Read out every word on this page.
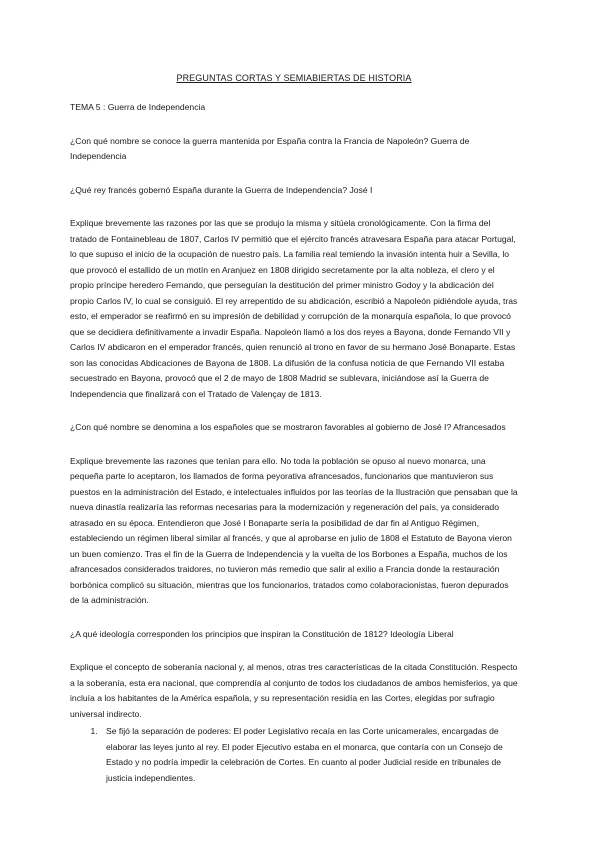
PREGUNTAS CORTAS Y SEMIABIERTAS DE HISTORIA

TEMA 5 : Guerra de Independencia

¿Con qué nombre se conoce la guerra mantenida por España contra la Francia de Napoleón? Guerra de Independencia

¿Qué rey francés gobernó España durante la Guerra de Independencia? José I

Explique brevemente las razones por las que se produjo la misma y sitúela cronológicamente. Con la firma del tratado de Fontainebleau de 1807, Carlos IV permitió que el ejército francés atravesara España para atacar Portugal, lo que supuso el inicio de la ocupación de nuestro país. La familia real temiendo la invasión intenta huir a Sevilla, lo que provocó el estallido de un motín en Aranjuez en 1808 dirigido secretamente por la alta nobleza, el clero y el propio príncipe heredero Fernando, que perseguían la destitución del primer ministro Godoy y la abdicación del propio Carlos IV, lo cual se consiguió. El rey arrepentido de su abdicación, escribió a Napoleón pidiéndole ayuda, tras esto, el emperador se reafirmó en su impresión de debilidad y corrupción de la monarquía española, lo que provocó que se decidiera definitivamente a invadir España. Napoleón llamó a los dos reyes a Bayona, donde Fernando VII y Carlos IV abdicaron en el emperador francés, quien renunció al trono en favor de su hermano José Bonaparte. Estas son las conocidas Abdicaciones de Bayona de 1808. La difusión de la confusa noticia de que Fernando VII estaba secuestrado en Bayona, provocó que el 2 de mayo de 1808 Madrid se sublevara, iniciándose así la Guerra de Independencia que finalizará con el Tratado de Valençay de 1813.

¿Con qué nombre se denomina a los españoles que se mostraron favorables al gobierno de José I? Afrancesados

Explique brevemente las razones que tenían para ello. No toda la población se opuso al nuevo monarca, una pequeña parte lo aceptaron, los llamados de forma peyorativa afrancesados, funcionarios que mantuvieron sus puestos en la administración del Estado, e intelectuales influidos por las teorías de la Ilustración que pensaban que la nueva dinastía realizaría las reformas necesarias para la modernización y regeneración del país, ya considerado atrasado en su época. Entendieron que José I Bonaparte sería la posibilidad de dar fin al Antiguo Régimen, estableciendo un régimen liberal similar al francés, y que al aprobarse en julio de 1808 el Estatuto de Bayona vieron un buen comienzo. Tras el fin de la Guerra de Independencia y la vuelta de los Borbones a España, muchos de los afrancesados considerados traidores, no tuvieron más remedio que salir al exilio a Francia donde la restauración borbónica complicó su situación, mientras que los funcionarios, tratados como colaboracionistas, fueron depurados de la administración.

¿A qué ideología corresponden los principios que inspiran la Constitución de 1812? Ideología Liberal

Explique el concepto de soberanía nacional y, al menos, otras tres características de la citada Constitución. Respecto a la soberanía, esta era nacional, que comprendía al conjunto de todos los ciudadanos de ambos hemisferios, ya que incluía a los habitantes de la América española, y su representación residía en las Cortes, elegidas por sufragio universal indirecto.

1. Se fijó la separación de poderes: El poder Legislativo recaía en las Corte unicamerales, encargadas de elaborar las leyes junto al rey. El poder Ejecutivo estaba en el monarca, que contaría con un Consejo de Estado y no podría impedir la celebración de Cortes. En cuanto al poder Judicial reside en tribunales de justicia independientes.
